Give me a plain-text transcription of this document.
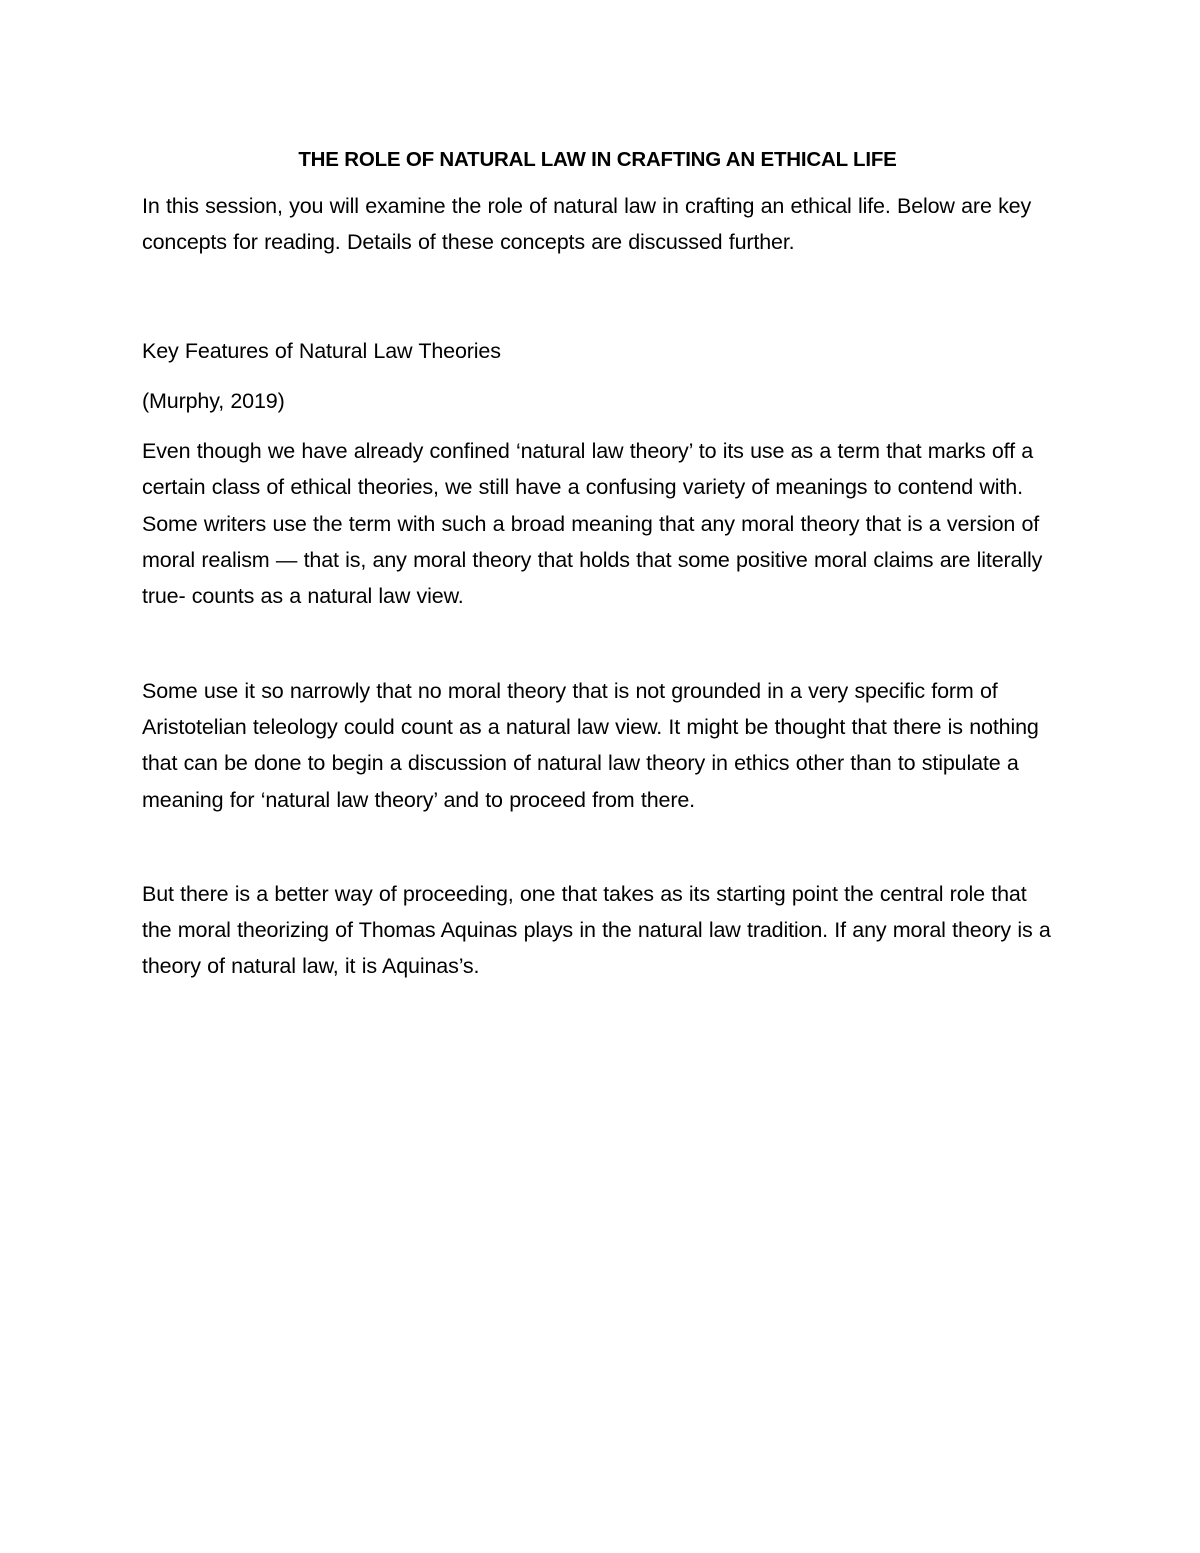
THE ROLE OF NATURAL LAW IN CRAFTING AN ETHICAL LIFE

In this session, you will examine the role of natural law in crafting an ethical life. Below are key concepts for reading. Details of these concepts are discussed further.

Key Features of Natural Law Theories

(Murphy, 2019)

Even though we have already confined ‘natural law theory’ to its use as a term that marks off a certain class of ethical theories, we still have a confusing variety of meanings to contend with. Some writers use the term with such a broad meaning that any moral theory that is a version of moral realism — that is, any moral theory that holds that some positive moral claims are literally true- counts as a natural law view.

Some use it so narrowly that no moral theory that is not grounded in a very specific form of Aristotelian teleology could count as a natural law view. It might be thought that there is nothing that can be done to begin a discussion of natural law theory in ethics other than to stipulate a meaning for ‘natural law theory’ and to proceed from there.

But there is a better way of proceeding, one that takes as its starting point the central role that the moral theorizing of Thomas Aquinas plays in the natural law tradition. If any moral theory is a theory of natural law, it is Aquinas’s.
